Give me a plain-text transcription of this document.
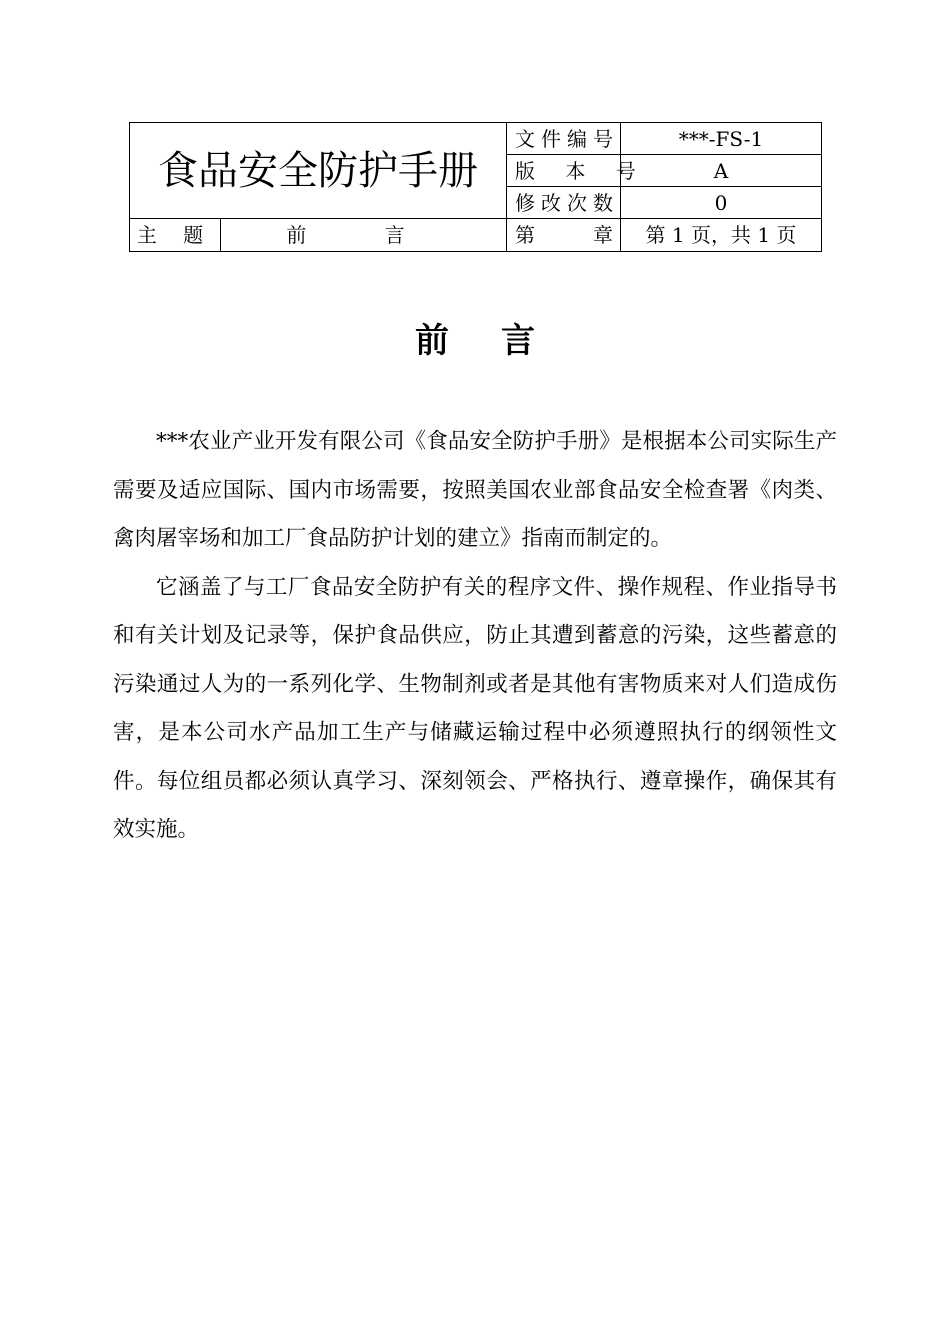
食品安全防护手册		文件编号	***-FS-1
		版 本 号	A
		修改次数	0
主 题	前 言	第 章	第 1 页，共 1 页
前言

***农业产业开发有限公司《食品安全防护手册》是根据本公司实际生产需要及适应国际、国内市场需要，按照美国农业部食品安全检查署《肉类、禽肉屠宰场和加工厂食品防护计划的建立》指南而制定的。

它涵盖了与工厂食品安全防护有关的程序文件、操作规程、作业指导书和有关计划及记录等，保护食品供应，防止其遭到蓄意的污染，这些蓄意的污染通过人为的一系列化学、生物制剂或者是其他有害物质来对人们造成伤害，是本公司水产品加工生产与储藏运输过程中必须遵照执行的纲领性文件。每位组员都必须认真学习、深刻领会、严格执行、遵章操作，确保其有效实施。
